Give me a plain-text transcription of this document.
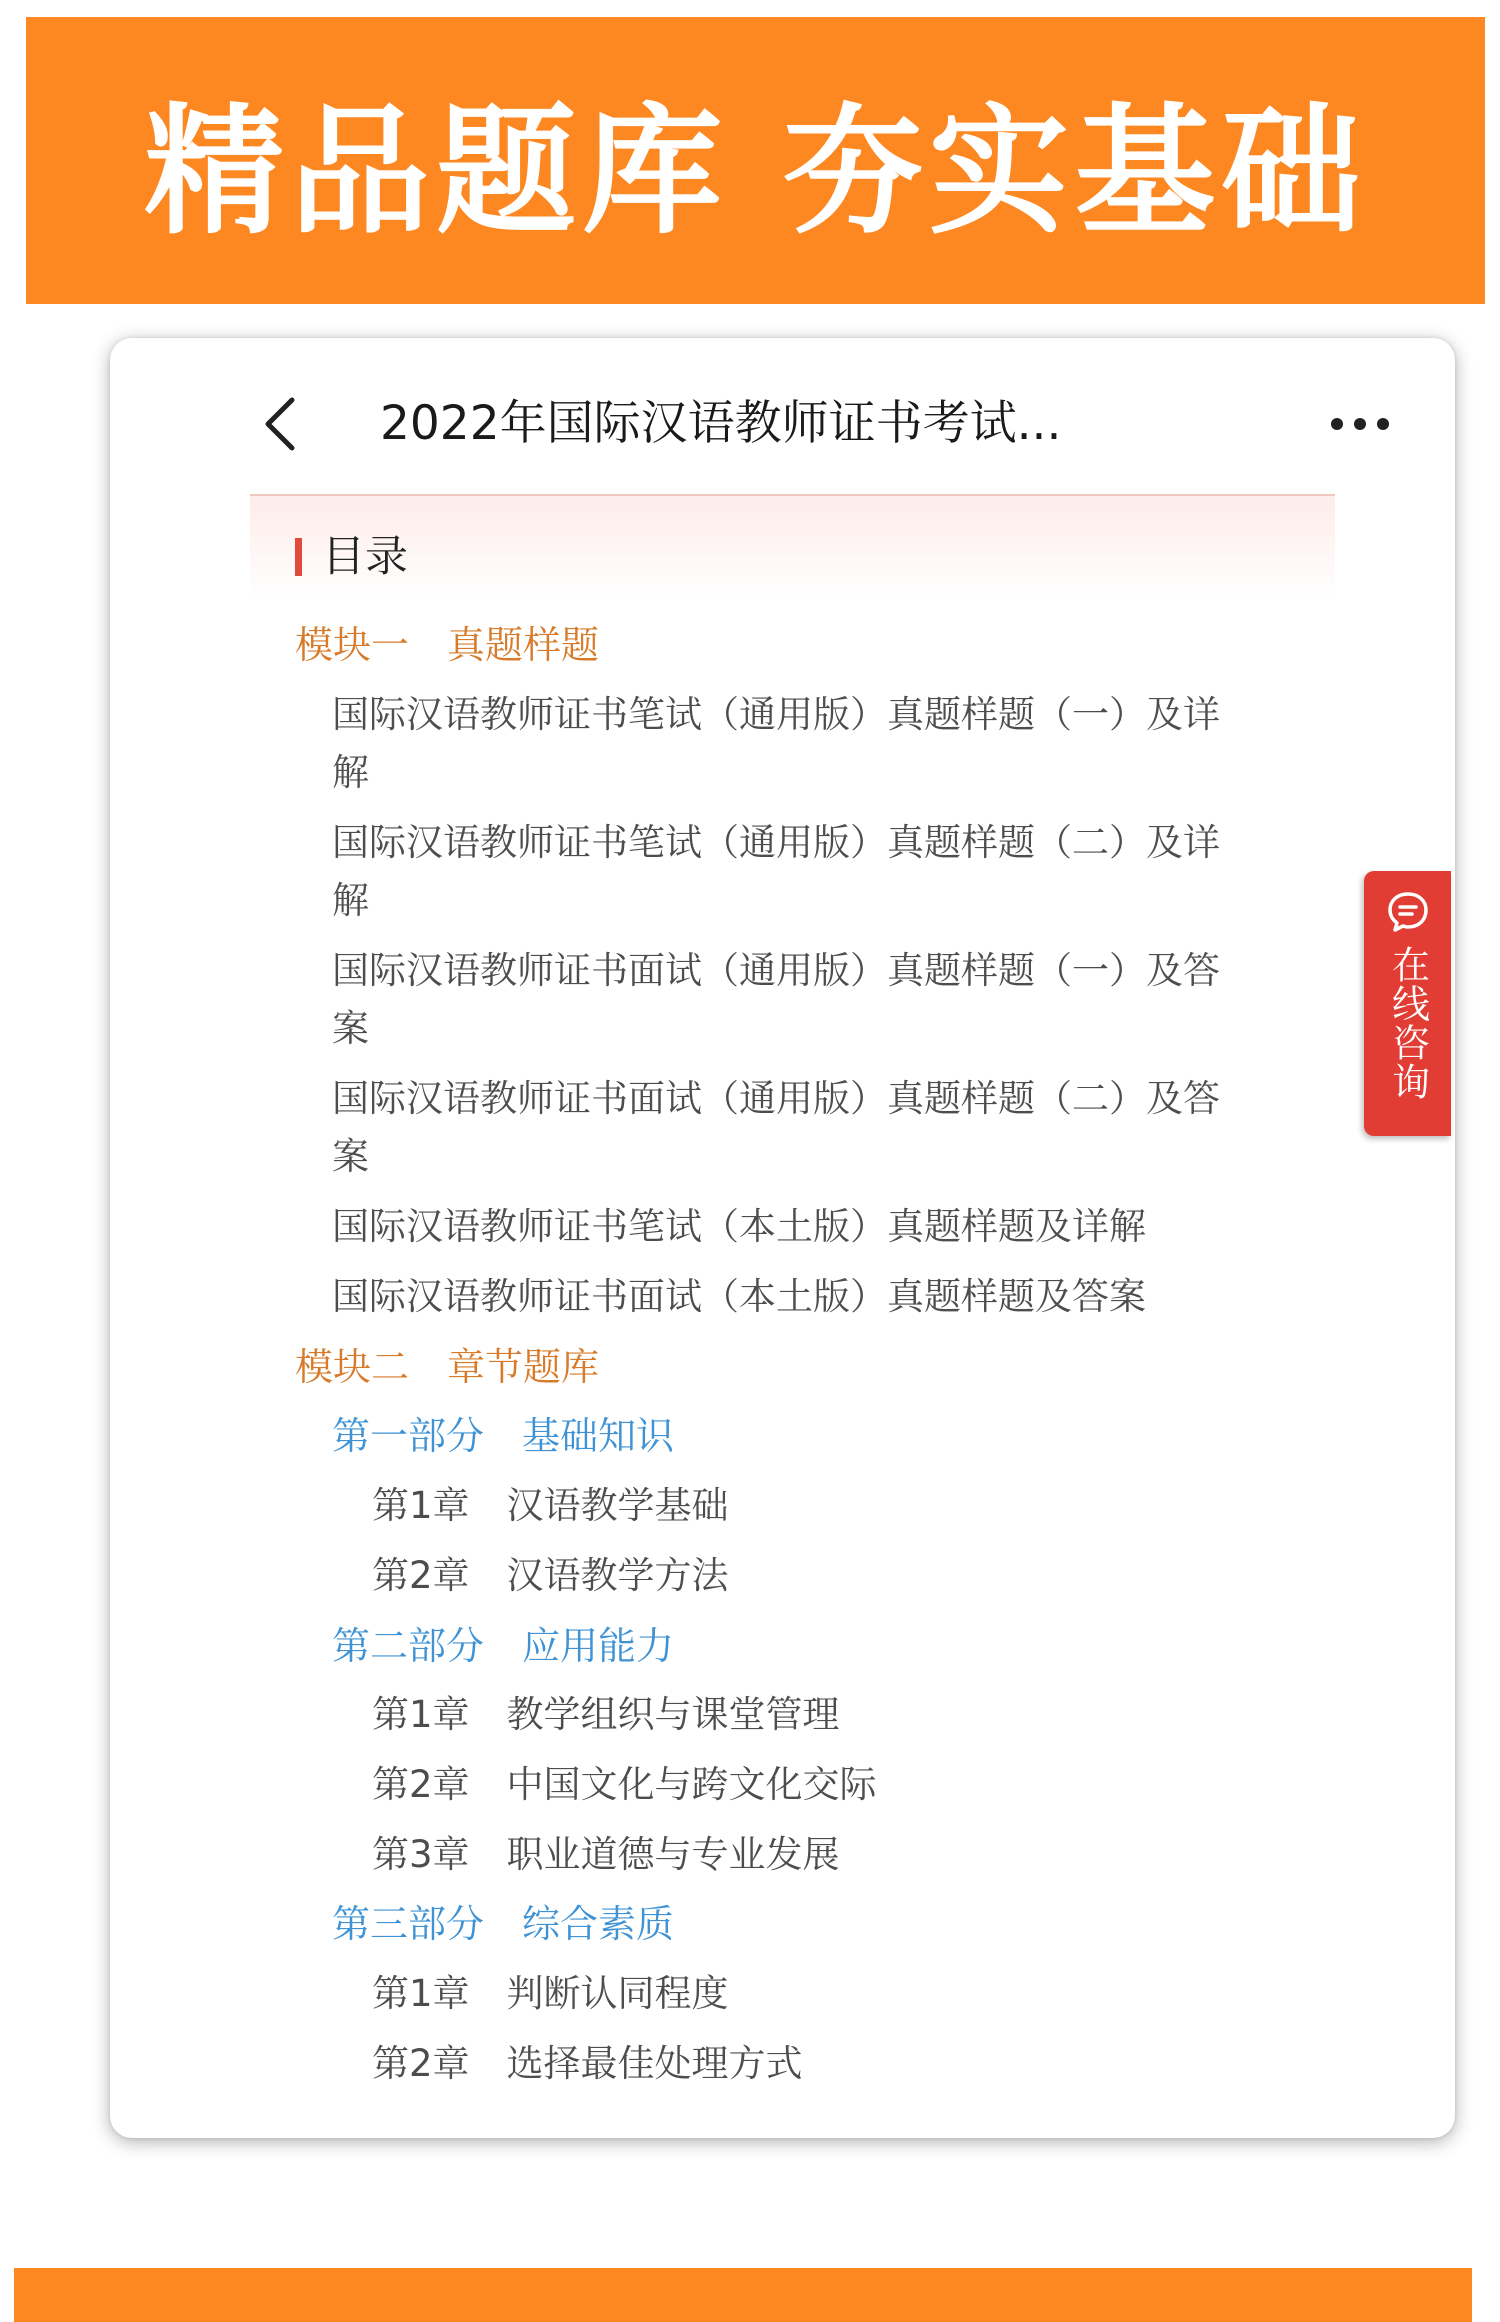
精品题库 夯实基础
2022年国际汉语教师证书考试...
目录
模块一　真题样题
国际汉语教师证书笔试（通用版）真题样题（一）及详
解
国际汉语教师证书笔试（通用版）真题样题（二）及详
解
国际汉语教师证书面试（通用版）真题样题（一）及答
案
国际汉语教师证书面试（通用版）真题样题（二）及答
案
国际汉语教师证书笔试（本土版）真题样题及详解
国际汉语教师证书面试（本土版）真题样题及答案
模块二　章节题库
第一部分　基础知识
第1章　汉语教学基础
第2章　汉语教学方法
第二部分　应用能力
第1章　教学组织与课堂管理
第2章　中国文化与跨文化交际
第3章　职业道德与专业发展
第三部分　综合素质
第1章　判断认同程度
第2章　选择最佳处理方式
在线咨询
